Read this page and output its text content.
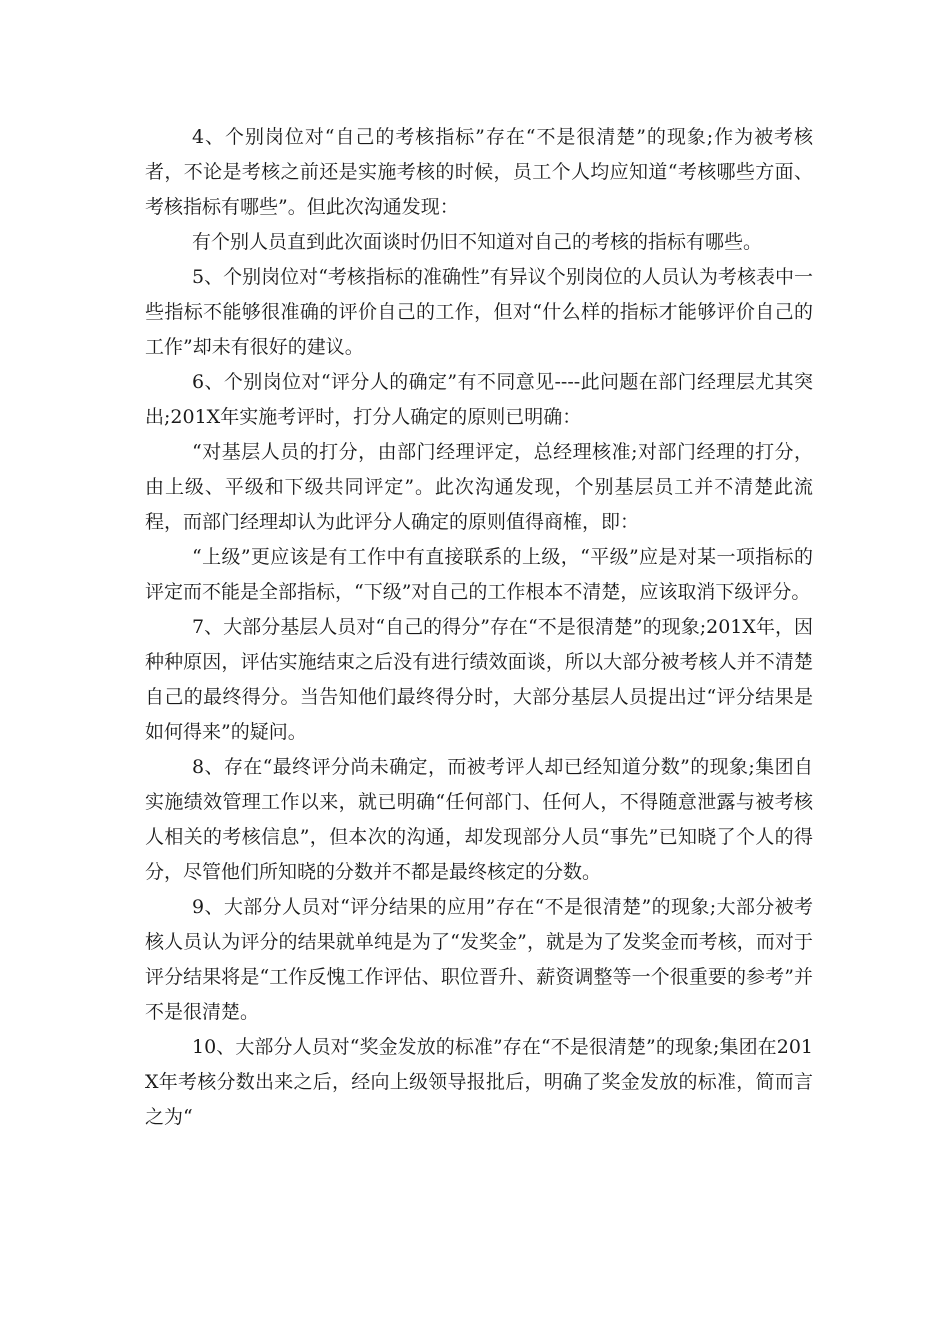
4、个别岗位对“自己的考核指标”存在“不是很清楚”的现象;作为被考核者，不论是考核之前还是实施考核的时候，员工个人均应知道“考核哪些方面、考核指标有哪些”。但此次沟通发现：

有个别人员直到此次面谈时仍旧不知道对自己的考核的指标有哪些。

5、个别岗位对“考核指标的准确性”有异议个别岗位的人员认为考核表中一些指标不能够很准确的评价自己的工作，但对“什么样的指标才能够评价自己的工作”却未有很好的建议。

6、个别岗位对“评分人的确定”有不同意见----此问题在部门经理层尤其突出;201X年实施考评时，打分人确定的原则已明确：

“对基层人员的打分，由部门经理评定，总经理核准;对部门经理的打分，由上级、平级和下级共同评定”。此次沟通发现，个别基层员工并不清楚此流程，而部门经理却认为此评分人确定的原则值得商榷，即：

“上级”更应该是有工作中有直接联系的上级，“平级”应是对某一项指标的评定而不能是全部指标，“下级”对自己的工作根本不清楚，应该取消下级评分。

7、大部分基层人员对“自己的得分”存在“不是很清楚”的现象;201X年，因种种原因，评估实施结束之后没有进行绩效面谈，所以大部分被考核人并不清楚自己的最终得分。当告知他们最终得分时，大部分基层人员提出过“评分结果是如何得来”的疑问。

8、存在“最终评分尚未确定，而被考评人却已经知道分数”的现象;集团自实施绩效管理工作以来，就已明确“任何部门、任何人，不得随意泄露与被考核人相关的考核信息”，但本次的沟通，却发现部分人员“事先”已知晓了个人的得分，尽管他们所知晓的分数并不都是最终核定的分数。

9、大部分人员对“评分结果的应用”存在“不是很清楚”的现象;大部分被考核人员认为评分的结果就单纯是为了“发奖金”，就是为了发奖金而考核，而对于评分结果将是“工作反愧工作评估、职位晋升、薪资调整等一个很重要的参考”并不是很清楚。

10、大部分人员对“奖金发放的标准”存在“不是很清楚”的现象;集团在201X年考核分数出来之后，经向上级领导报批后，明确了奖金发放的标准，简而言之为“
